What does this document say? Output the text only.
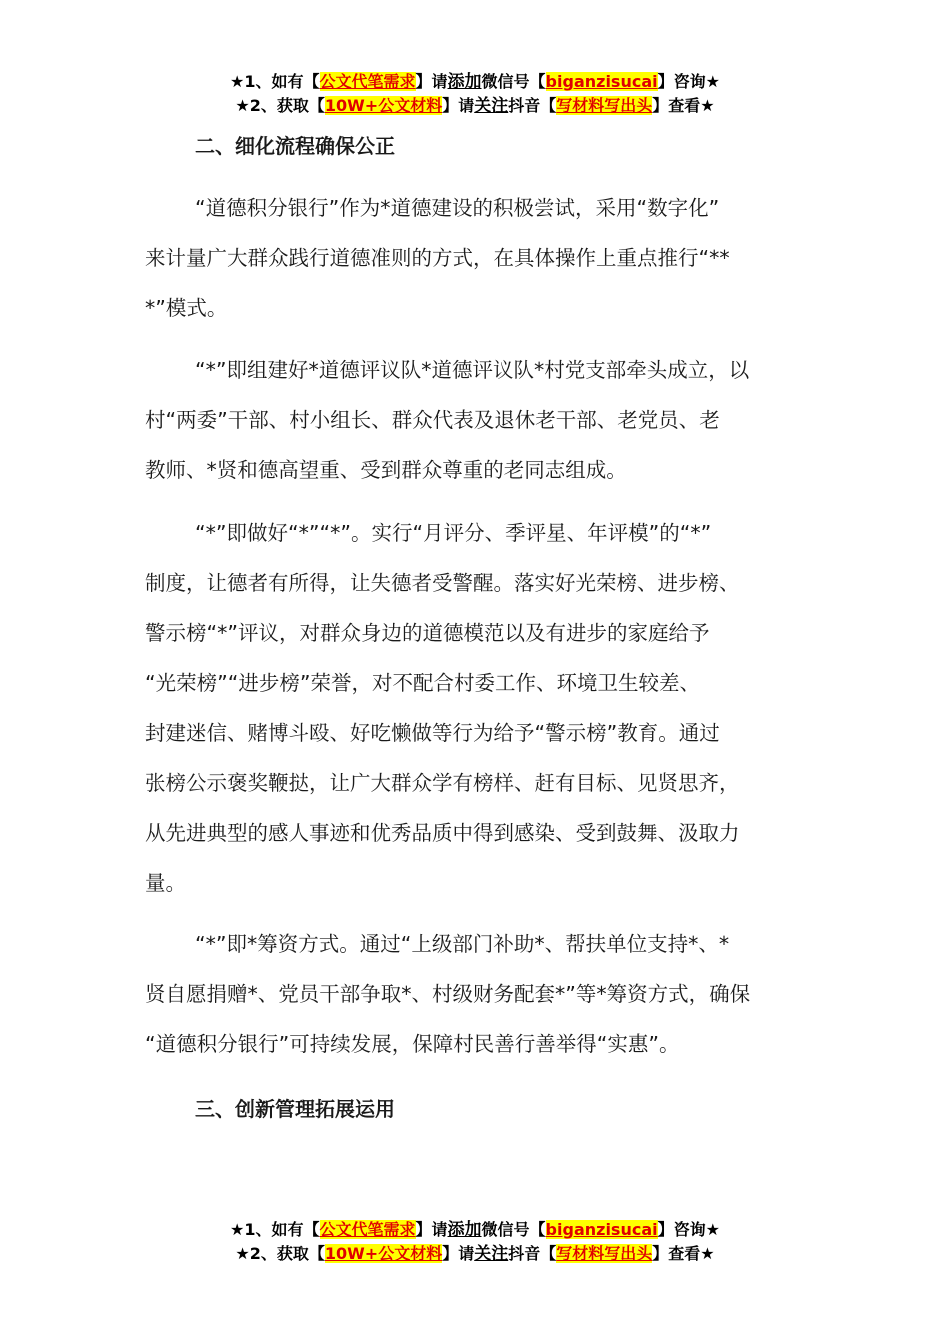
★1、如有【公文代笔需求】请添加微信号【biganzisucai】咨询★
★2、获取【10W+公文材料】请关注抖音【写材料写出头】查看★
二、细化流程确保公正
“道德积分银行”作为*道德建设的积极尝试，采用“数字化”
来计量广大群众践行道德准则的方式，在具体操作上重点推行“**
*”模式。
“*”即组建好*道德评议队*道德评议队*村党支部牵头成立，以
村“两委”干部、村小组长、群众代表及退休老干部、老党员、老
教师、*贤和德高望重、受到群众尊重的老同志组成。
“*”即做好“*”“*”。实行“月评分、季评星、年评模”的“*”
制度，让德者有所得，让失德者受警醒。落实好光荣榜、进步榜、
警示榜“*”评议，对群众身边的道德模范以及有进步的家庭给予
“光荣榜”“进步榜”荣誉，对不配合村委工作、环境卫生较差、
封建迷信、赌博斗殴、好吃懒做等行为给予“警示榜”教育。通过
张榜公示褒奖鞭挞，让广大群众学有榜样、赶有目标、见贤思齐，
从先进典型的感人事迹和优秀品质中得到感染、受到鼓舞、汲取力
量。
“*”即*筹资方式。通过“上级部门补助*、帮扶单位支持*、*
贤自愿捐赠*、党员干部争取*、村级财务配套*”等*筹资方式，确保
“道德积分银行”可持续发展，保障村民善行善举得“实惠”。
三、创新管理拓展运用
★1、如有【公文代笔需求】请添加微信号【biganzisucai】咨询★
★2、获取【10W+公文材料】请关注抖音【写材料写出头】查看★
